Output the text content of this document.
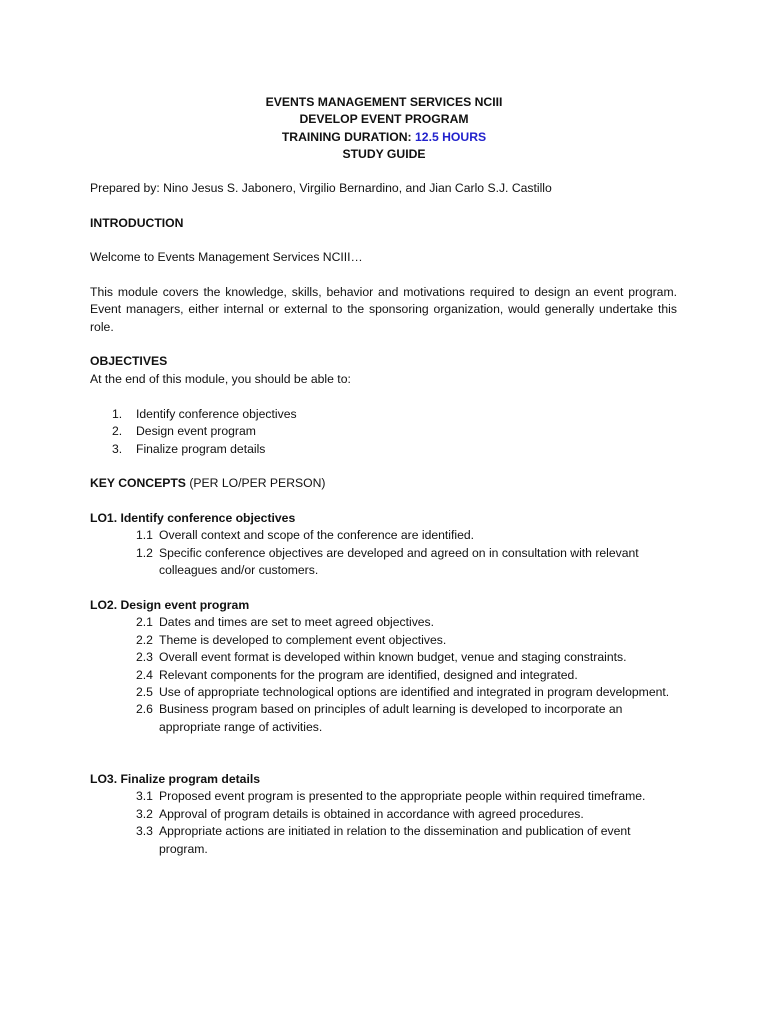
EVENTS MANAGEMENT SERVICES NCIII
DEVELOP EVENT PROGRAM
TRAINING DURATION: 12.5 HOURS
STUDY GUIDE
Prepared by: Nino Jesus S. Jabonero, Virgilio Bernardino, and Jian Carlo S.J. Castillo
INTRODUCTION
Welcome to Events Management Services NCIII…
This module covers the knowledge, skills, behavior and motivations required to design an event program. Event managers, either internal or external to the sponsoring organization, would generally undertake this role.
OBJECTIVES
At the end of this module, you should be able to:
1.	Identify conference objectives
2.	Design event program
3.	Finalize program details
KEY CONCEPTS (PER LO/PER PERSON)
LO1. Identify conference objectives
1.1 Overall context and scope of the conference are identified.
1.2 Specific conference objectives are developed and agreed on in consultation with relevant colleagues and/or customers.
LO2. Design event program
2.1 Dates and times are set to meet agreed objectives.
2.2 Theme is developed to complement event objectives.
2.3 Overall event format is developed within known budget, venue and staging constraints.
2.4 Relevant components for the program are identified, designed and integrated.
2.5 Use of appropriate technological options are identified and integrated in program development.
2.6 Business program based on principles of adult learning is developed to incorporate an appropriate range of activities.
LO3. Finalize program details
3.1 Proposed event program is presented to the appropriate people within required timeframe.
3.2 Approval of program details is obtained in accordance with agreed procedures.
3.3 Appropriate actions are initiated in relation to the dissemination and publication of event program.
